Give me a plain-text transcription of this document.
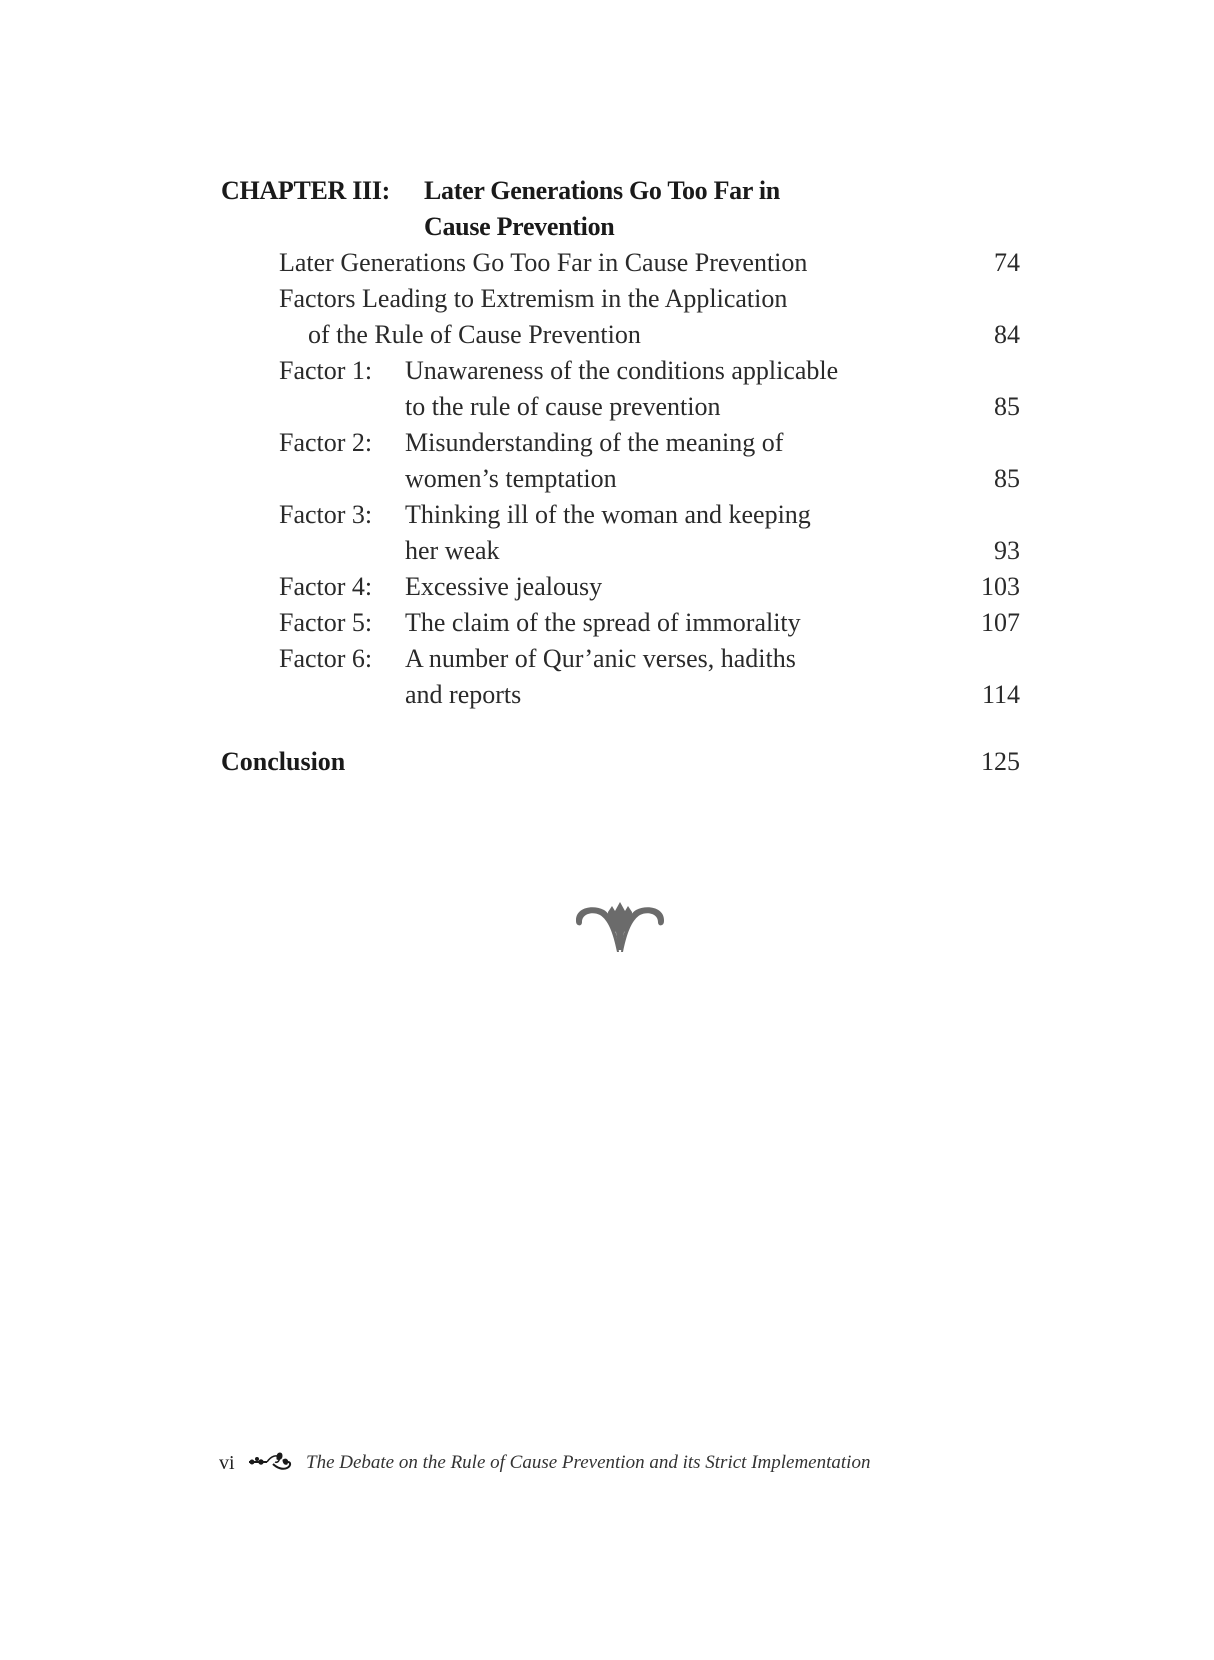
CHAPTER III: Later Generations Go Too Far in
Cause Prevention
Later Generations Go Too Far in Cause Prevention	74
Factors Leading to Extremism in the Application
of the Rule of Cause Prevention	84
Factor 1: Unawareness of the conditions applicable
to the rule of cause prevention	85
Factor 2: Misunderstanding of the meaning of
women’s temptation	85
Factor 3: Thinking ill of the woman and keeping
her weak	93
Factor 4: Excessive jealousy	103
Factor 5: The claim of the spread of immorality	107
Factor 6: A number of Qur’anic verses, hadiths
and reports	114
Conclusion	125
vi	The Debate on the Rule of Cause Prevention and its Strict Implementation
